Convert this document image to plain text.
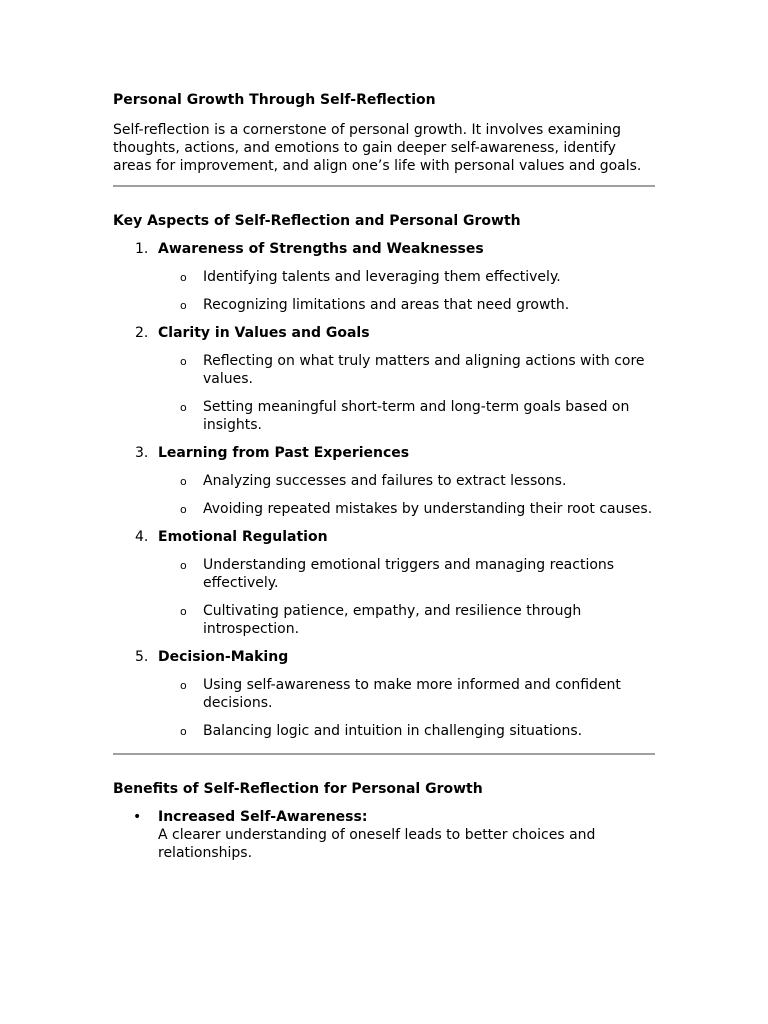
Personal Growth Through Self-Reflection
Self-reflection is a cornerstone of personal growth. It involves examining thoughts, actions, and emotions to gain deeper self-awareness, identify areas for improvement, and align one’s life with personal values and goals.
Key Aspects of Self-Reflection and Personal Growth
1. Awareness of Strengths and Weaknesses
o Identifying talents and leveraging them effectively.
o Recognizing limitations and areas that need growth.
2. Clarity in Values and Goals
o Reflecting on what truly matters and aligning actions with core values.
o Setting meaningful short-term and long-term goals based on insights.
3. Learning from Past Experiences
o Analyzing successes and failures to extract lessons.
o Avoiding repeated mistakes by understanding their root causes.
4. Emotional Regulation
o Understanding emotional triggers and managing reactions effectively.
o Cultivating patience, empathy, and resilience through introspection.
5. Decision-Making
o Using self-awareness to make more informed and confident decisions.
o Balancing logic and intuition in challenging situations.
Benefits of Self-Reflection for Personal Growth
• Increased Self-Awareness:
A clearer understanding of oneself leads to better choices and relationships.
